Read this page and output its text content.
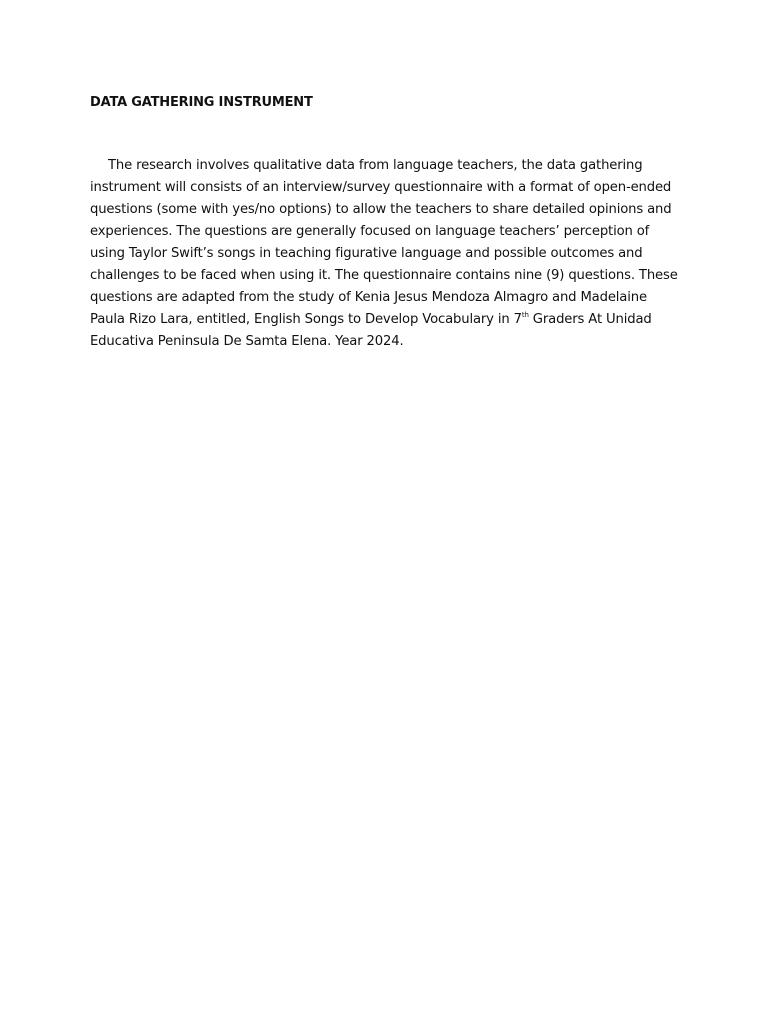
DATA GATHERING INSTRUMENT
The research involves qualitative data from language teachers, the data gathering
instrument will consists of an interview/survey questionnaire with a format of open-ended
questions (some with yes/no options) to allow the teachers to share detailed opinions and
experiences. The questions are generally focused on language teachers’ perception of
using Taylor Swift’s songs in teaching figurative language and possible outcomes and
challenges to be faced when using it. The questionnaire contains nine (9) questions. These
questions are adapted from the study of Kenia Jesus Mendoza Almagro and Madelaine
Paula Rizo Lara, entitled, English Songs to Develop Vocabulary in 7th Graders At Unidad
Educativa Peninsula De Samta Elena. Year 2024.
